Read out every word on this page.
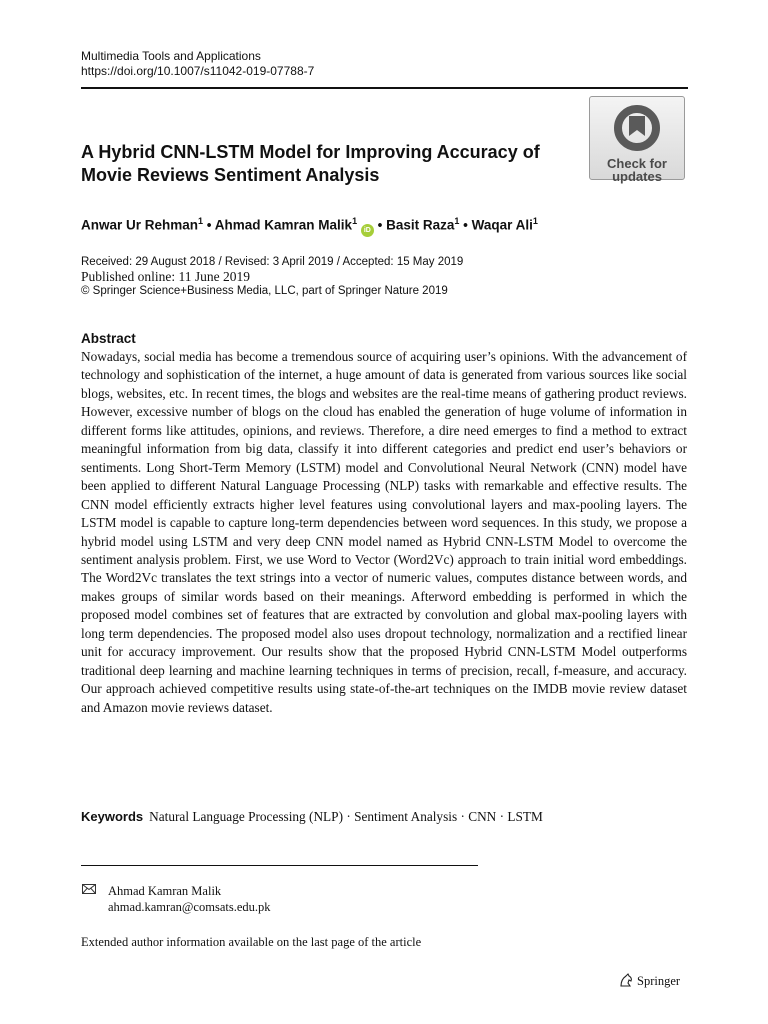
Multimedia Tools and Applications
https://doi.org/10.1007/s11042-019-07788-7
Check for updates
A Hybrid CNN-LSTM Model for Improving Accuracy of Movie Reviews Sentiment Analysis
Anwar Ur Rehman$^1$ • Ahmad Kamran Malik$^1$ iD • Basit Raza$^1$ • Waqar Ali$^1$
Received: 29 August 2018 / Revised: 3 April 2019 / Accepted: 15 May 2019
Published online: 11 June 2019
© Springer Science+Business Media, LLC, part of Springer Nature 2019
Abstract
Nowadays, social media has become a tremendous source of acquiring user’s opinions. With the advancement of technology and sophistication of the internet, a huge amount of data is generated from various sources like social blogs, websites, etc. In recent times, the blogs and websites are the real-time means of gathering product reviews. However, excessive number of blogs on the cloud has enabled the generation of huge volume of information in different forms like attitudes, opinions, and reviews. Therefore, a dire need emerges to find a method to extract meaningful information from big data, classify it into different categories and predict end user’s behaviors or sentiments. Long Short-Term Memory (LSTM) model and Convolutional Neural Network (CNN) model have been applied to different Natural Language Processing (NLP) tasks with remarkable and effective results. The CNN model efficiently extracts higher level features using convolutional layers and max-pooling layers. The LSTM model is capable to capture long-term dependencies between word sequences. In this study, we propose a hybrid model using LSTM and very deep CNN model named as Hybrid CNN-LSTM Model to overcome the sentiment analysis problem. First, we use Word to Vector (Word2Vc) approach to train initial word embeddings. The Word2Vc translates the text strings into a vector of numeric values, computes distance between words, and makes groups of similar words based on their meanings. Afterword embedding is performed in which the proposed model combines set of features that are extracted by convolution and global max-pooling layers with long term dependencies. The proposed model also uses dropout technology, normalization and a rectified linear unit for accuracy improvement. Our results show that the proposed Hybrid CNN-LSTM Model outperforms traditional deep learning and machine learning techniques in terms of precision, recall, f-measure, and accuracy. Our approach achieved competitive results using state-of-the-art techniques on the IMDB movie review dataset and Amazon movie reviews dataset.
Keywords Natural Language Processing (NLP) · Sentiment Analysis · CNN · LSTM
Ahmad Kamran Malik
ahmad.kamran@comsats.edu.pk
Extended author information available on the last page of the article
Springer
